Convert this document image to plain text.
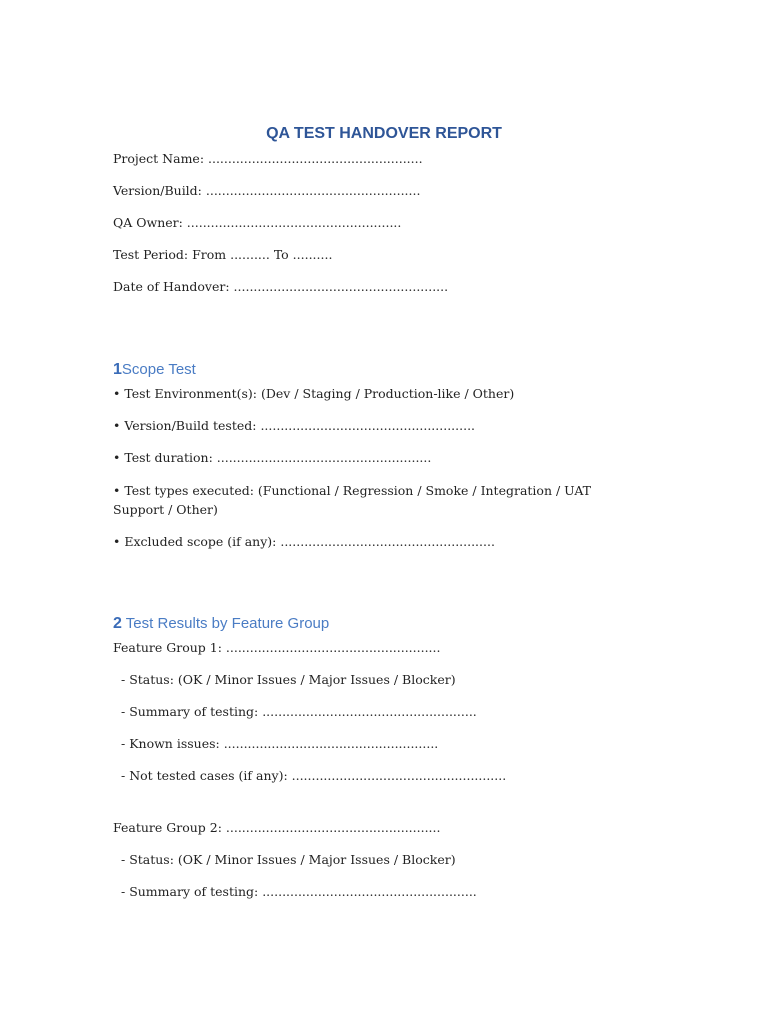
QA TEST HANDOVER REPORT
Project Name: ......................................................
Version/Build: ......................................................
QA Owner: ......................................................
Test Period: From .......... To ..........
Date of Handover: ......................................................
1Scope Test
• Test Environment(s): (Dev / Staging / Production-like / Other)
• Version/Build tested: ......................................................
• Test duration: ......................................................
• Test types executed: (Functional / Regression / Smoke / Integration / UAT Support / Other)
• Excluded scope (if any): ......................................................
2 Test Results by Feature Group
Feature Group 1: ......................................................
- Status: (OK / Minor Issues / Major Issues / Blocker)
- Summary of testing: ......................................................
- Known issues: ......................................................
- Not tested cases (if any): ......................................................
Feature Group 2: ......................................................
- Status: (OK / Minor Issues / Major Issues / Blocker)
- Summary of testing: ......................................................
